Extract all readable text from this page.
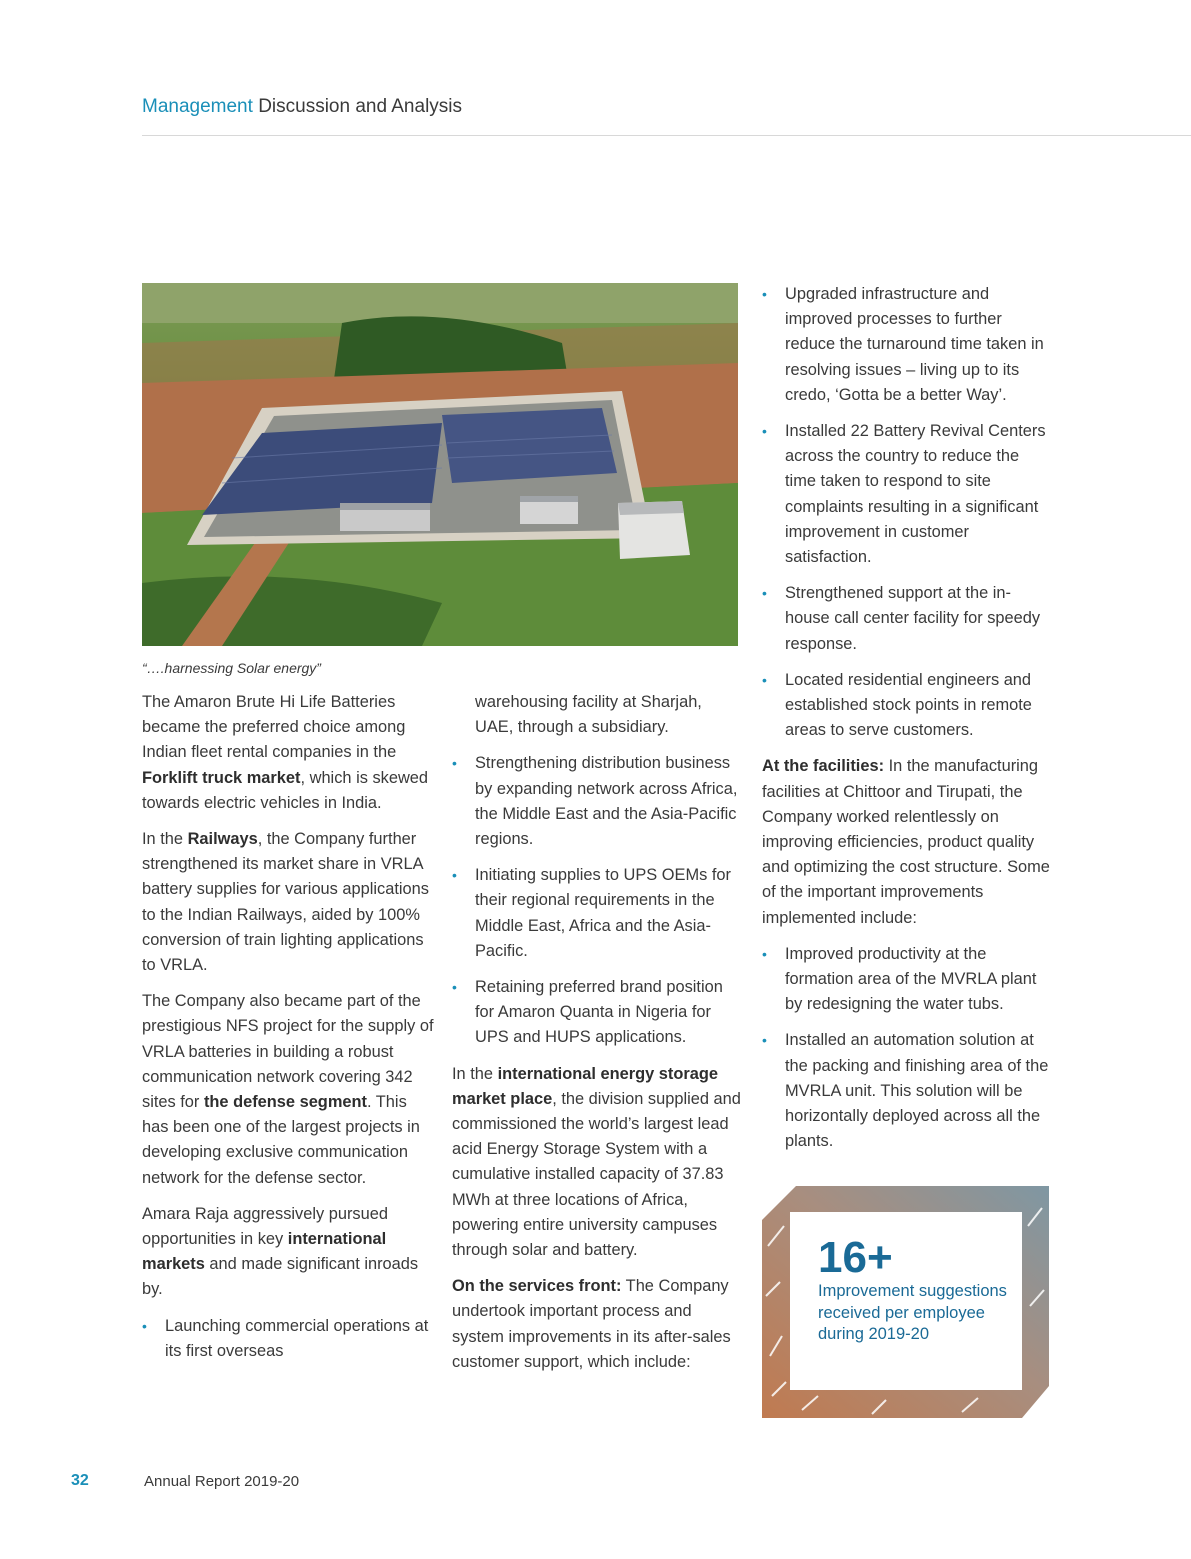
Management Discussion and Analysis
“….harnessing Solar energy”

The Amaron Brute Hi Life Batteries became the preferred choice among Indian fleet rental companies in the Forklift truck market, which is skewed towards electric vehicles in India.

In the Railways, the Company further strengthened its market share in VRLA battery supplies for various applications to the Indian Railways, aided by 100% conversion of train lighting applications to VRLA.

The Company also became part of the prestigious NFS project for the supply of VRLA batteries in building a robust communication network covering 342 sites for the defense segment. This has been one of the largest projects in developing exclusive communication network for the defense sector.

Amara Raja aggressively pursued opportunities in key international markets and made significant inroads by.

• Launching commercial operations at its first overseas

warehousing facility at Sharjah, UAE, through a subsidiary.

• Strengthening distribution business by expanding network across Africa, the Middle East and the Asia-Pacific regions.
• Initiating supplies to UPS OEMs for their regional requirements in the Middle East, Africa and the Asia-Pacific.
• Retaining preferred brand position for Amaron Quanta in Nigeria for UPS and HUPS applications.

In the international energy storage market place, the division supplied and commissioned the world’s largest lead acid Energy Storage System with a cumulative installed capacity of 37.83 MWh at three locations of Africa, powering entire university campuses through solar and battery.

On the services front: The Company undertook important process and system improvements in its after-sales customer support, which include:

• Upgraded infrastructure and improved processes to further reduce the turnaround time taken in resolving issues – living up to its credo, ‘Gotta be a better Way’.
• Installed 22 Battery Revival Centers across the country to reduce the time taken to respond to site complaints resulting in a significant improvement in customer satisfaction.
• Strengthened support at the in-house call center facility for speedy response.
• Located residential engineers and established stock points in remote areas to serve customers.

At the facilities: In the manufacturing facilities at Chittoor and Tirupati, the Company worked relentlessly on improving efficiencies, product quality and optimizing the cost structure. Some of the important improvements implemented include:

• Improved productivity at the formation area of the MVRLA plant by redesigning the water tubs.
• Installed an automation solution at the packing and finishing area of the MVRLA unit. This solution will be horizontally deployed across all the plants.
16+
Improvement suggestions received per employee during 2019-20
32	Annual Report 2019-20
